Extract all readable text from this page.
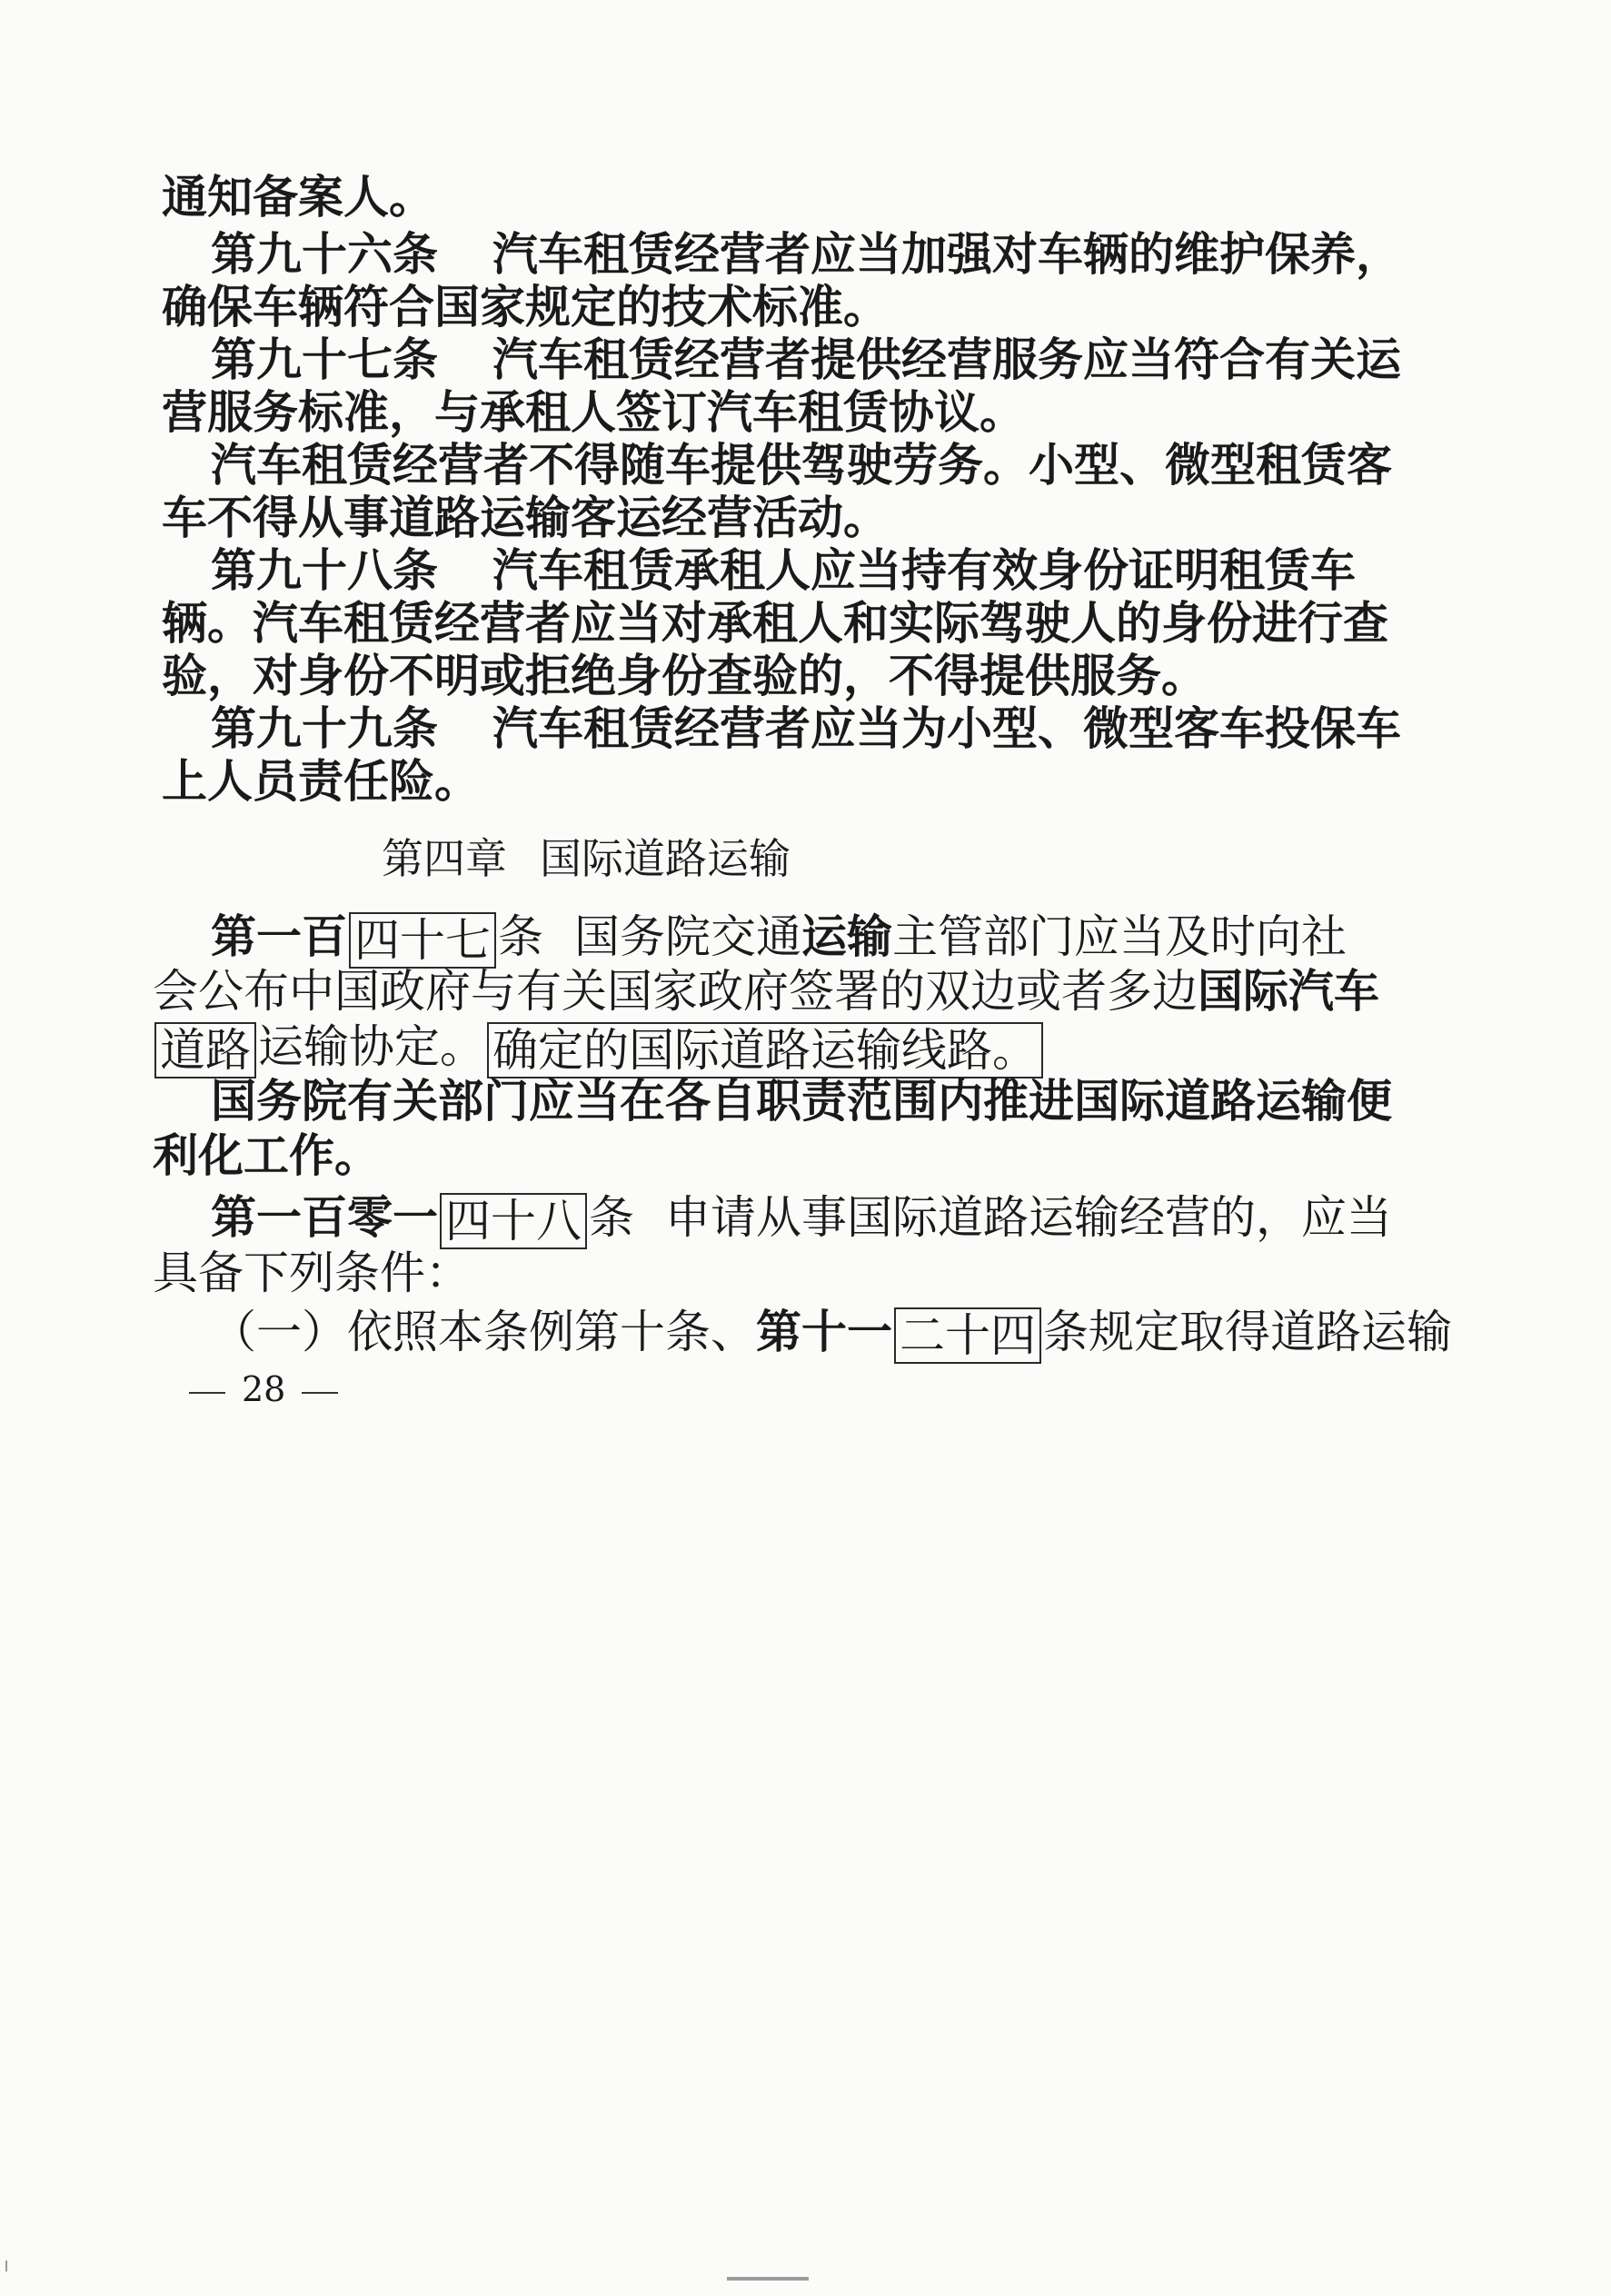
通知备案人。
第九十六条 汽车租赁经营者应当加强对车辆的维护保养，
确保车辆符合国家规定的技术标准。
第九十七条 汽车租赁经营者提供经营服务应当符合有关运
营服务标准，与承租人签订汽车租赁协议。
汽车租赁经营者不得随车提供驾驶劳务。小型、微型租赁客
车不得从事道路运输客运经营活动。
第九十八条 汽车租赁承租人应当持有效身份证明租赁车
辆。汽车租赁经营者应当对承租人和实际驾驶人的身份进行查
验，对身份不明或拒绝身份查验的，不得提供服务。
第九十九条 汽车租赁经营者应当为小型、微型客车投保车
上人员责任险。
第四章 国际道路运输
第一百 四十七 条 国务院交通运输主管部门应当及时向社
会公布中国政府与有关国家政府签署的双边或者多边国际汽车
道路 运输协定。 确定的国际道路运输线路。
国务院有关部门应当在各自职责范围内推进国际道路运输便
利化工作。
第一百零一 四十八 条 申请从事国际道路运输经营的，应当
具备下列条件：
（一）依照本条例第十条、第十一 二十四 条规定取得道路运输
28
